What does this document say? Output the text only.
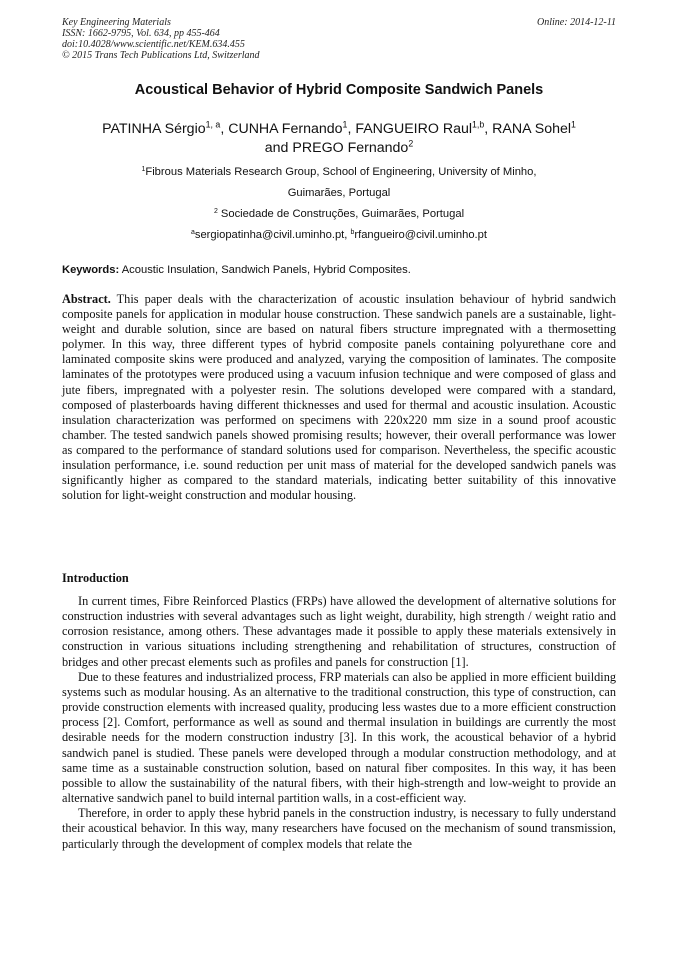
Key Engineering Materials
ISSN: 1662-9795, Vol. 634, pp 455-464
doi:10.4028/www.scientific.net/KEM.634.455
© 2015 Trans Tech Publications Ltd, Switzerland
Online: 2014-12-11
Acoustical Behavior of Hybrid Composite Sandwich Panels
PATINHA Sérgio$^{1, a}$, CUNHA Fernando$^1$, FANGUEIRO Raul$^{1,b}$, RANA Sohel$^1$
and PREGO Fernando$^2$
$^1$Fibrous Materials Research Group, School of Engineering, University of Minho,
Guimarães, Portugal
$^2$ Sociedade de Construções, Guimarães, Portugal
$^a$sergiopatinha@civil.uminho.pt, $^b$rfangueiro@civil.uminho.pt
Keywords: Acoustic Insulation, Sandwich Panels, Hybrid Composites.
Abstract. This paper deals with the characterization of acoustic insulation behaviour of hybrid sandwich composite panels for application in modular house construction. These sandwich panels are a sustainable, light-weight and durable solution, since are based on natural fibers structure impregnated with a thermosetting polymer. In this way, three different types of hybrid composite panels containing polyurethane core and laminated composite skins were produced and analyzed, varying the composition of laminates. The composite laminates of the prototypes were produced using a vacuum infusion technique and were composed of glass and jute fibers, impregnated with a polyester resin. The solutions developed were compared with a standard, composed of plasterboards having different thicknesses and used for thermal and acoustic insulation. Acoustic insulation characterization was performed on specimens with 220x220 mm size in a sound proof acoustic chamber. The tested sandwich panels showed promising results; however, their overall performance was lower as compared to the performance of standard solutions used for comparison. Nevertheless, the specific acoustic insulation performance, i.e. sound reduction per unit mass of material for the developed sandwich panels was significantly higher as compared to the standard materials, indicating better suitability of this innovative solution for light-weight construction and modular housing.
Introduction

In current times, Fibre Reinforced Plastics (FRPs) have allowed the development of alternative solutions for construction industries with several advantages such as light weight, durability, high strength / weight ratio and corrosion resistance, among others. These advantages made it possible to apply these materials extensively in construction in various situations including strengthening and rehabilitation of structures, construction of bridges and other precast elements such as profiles and panels for construction [1].

Due to these features and industrialized process, FRP materials can also be applied in more efficient building systems such as modular housing. As an alternative to the traditional construction, this type of construction, can provide construction elements with increased quality, producing less wastes due to a more efficient construction process [2]. Comfort, performance as well as sound and thermal insulation in buildings are currently the most desirable needs for the modern construction industry [3]. In this work, the acoustical behavior of a hybrid sandwich panel is studied. These panels were developed through a modular construction methodology, and at same time as a sustainable construction solution, based on natural fiber composites. In this way, it has been possible to allow the sustainability of the natural fibers, with their high-strength and low-weight to provide an alternative sandwich panel to build internal partition walls, in a cost-efficient way.

Therefore, in order to apply these hybrid panels in the construction industry, is necessary to fully understand their acoustical behavior. In this way, many researchers have focused on the mechanism of sound transmission, particularly through the development of complex models that relate the
